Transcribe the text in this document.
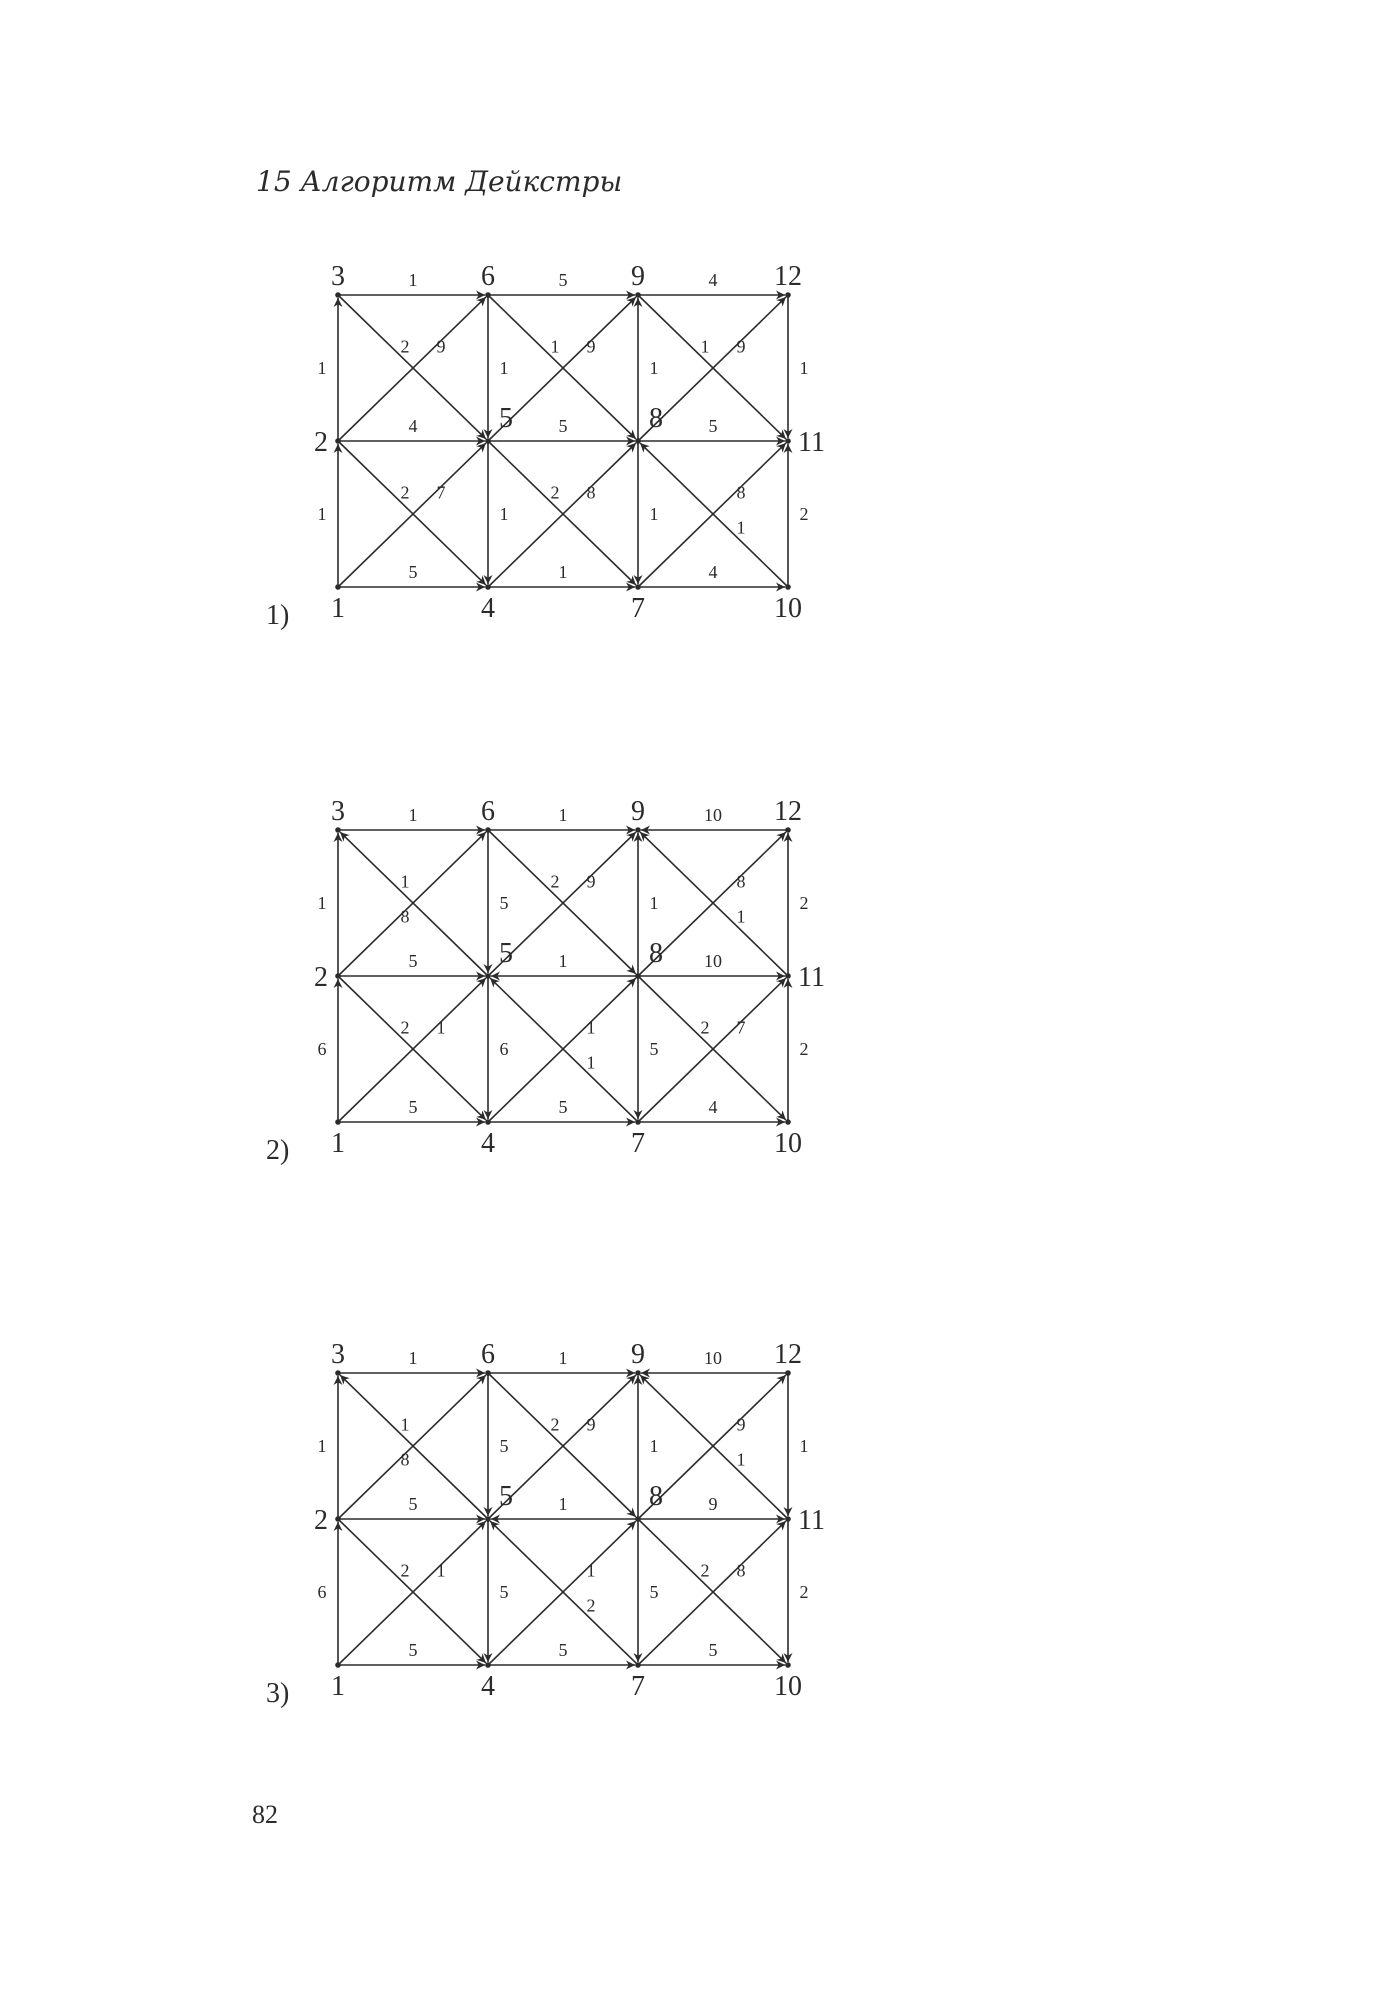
15 Алгоритм Дейкстры
1
1
1	5	4
4	5	5
5	1	4
1
1
1
1
1
2
9
2	9
1	9
1
7
2	8
2	8
1
1
2
3
4
5
6
7
8
9
10
11
12
1)
1
6
1	1	10
5	1	10
5	5	4
5
6
1
5
2
2
1
8
9
2	8
1
1
2	1
1
7
2
1
2
3
4
5
6
7
8
9
10
11
12
2)
1
6
1	1	10
5	1	9
5	5	5
5
5
1
5
1
2
1
8
9
2	9
1
1
2	1
2
8
2
1
2
3
4
5
6
7
8
9
10
11
12
3)
82
